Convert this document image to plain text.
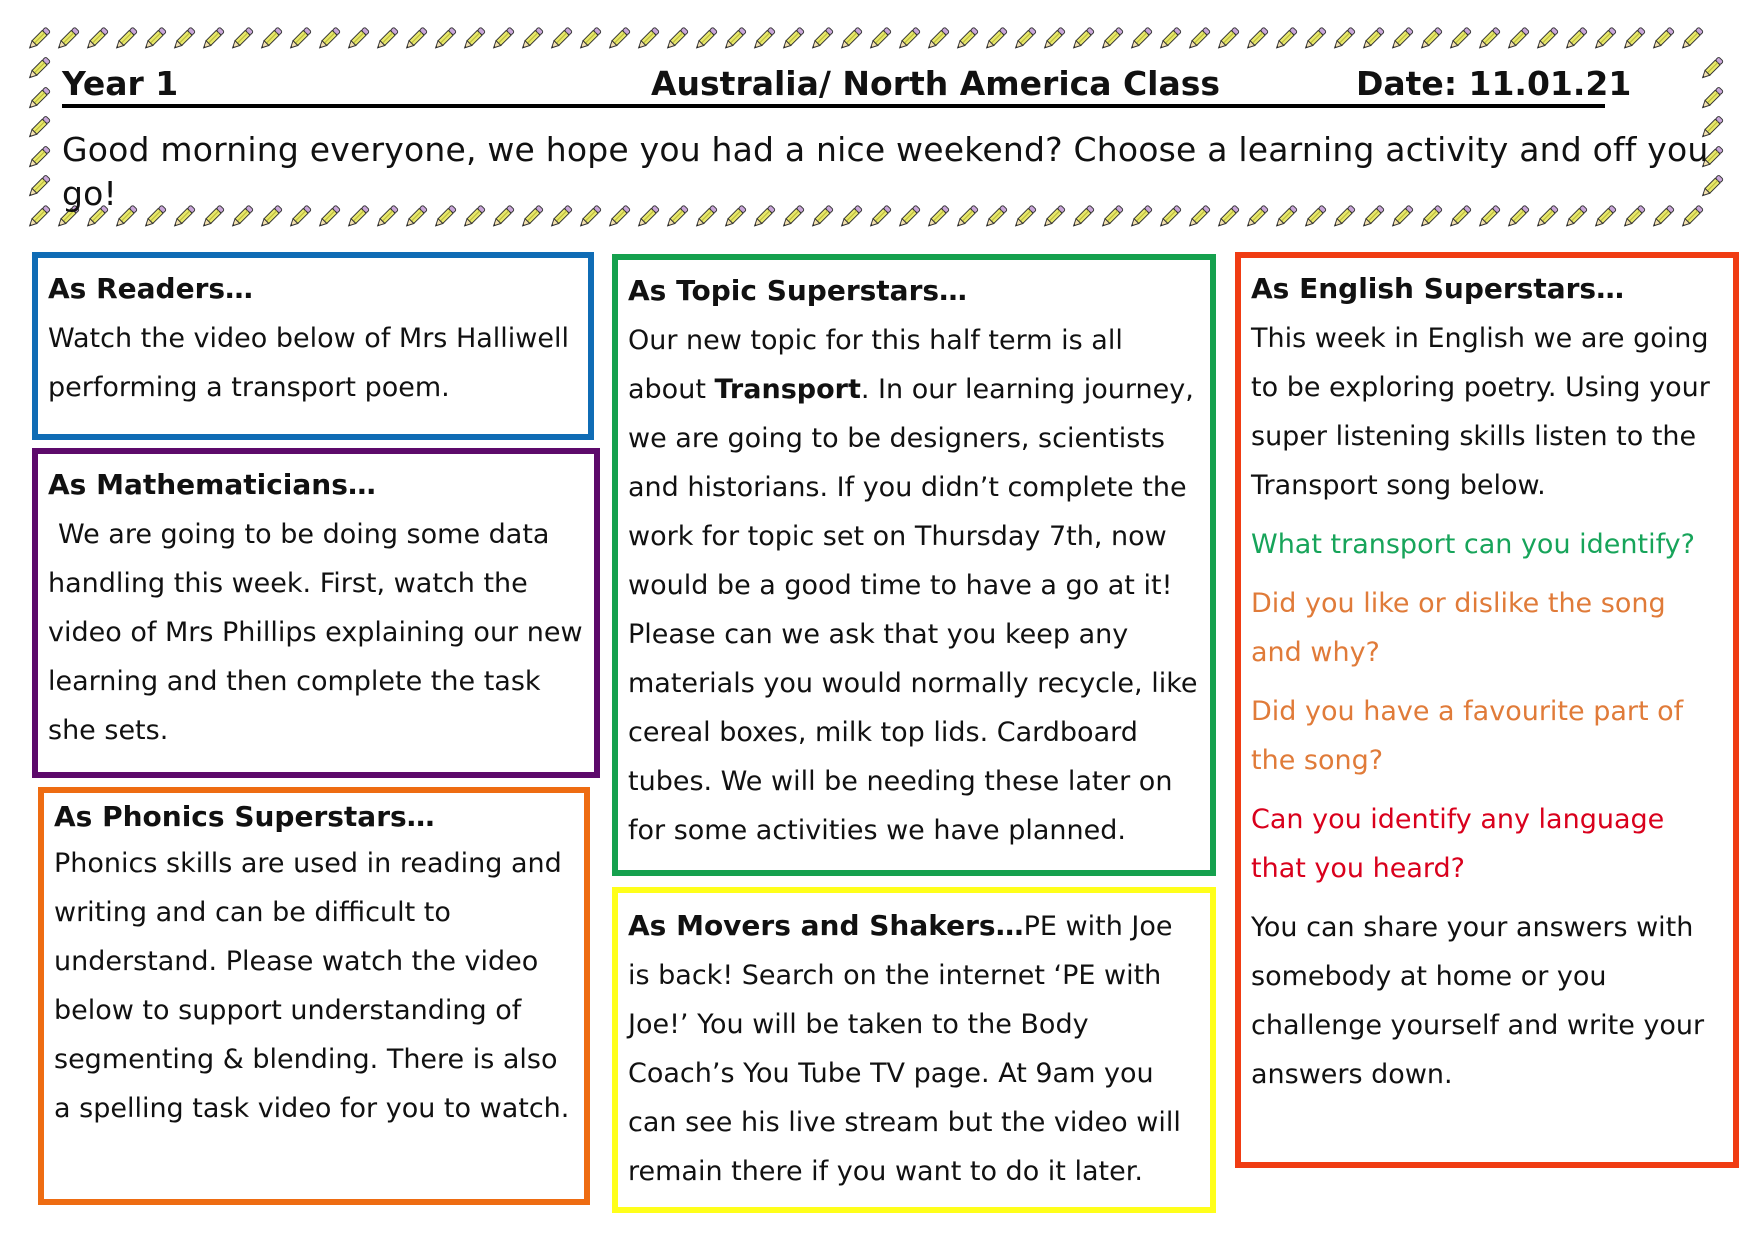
Year 1	Australia/ North America Class	Date: 11.01.21
Good morning everyone, we hope you had a nice weekend? Choose a learning activity and off you go!
As Readers…

Watch the video below of Mrs Halliwell performing a transport poem.

As Mathematicians…

We are going to be doing some data handling this week. First, watch the video of Mrs Phillips explaining our new learning and then complete the task she sets.

As Phonics Superstars…

Phonics skills are used in reading and writing and can be difficult to understand. Please watch the video below to support understanding of segmenting & blending. There is also a spelling task video for you to watch.

As Topic Superstars…

Our new topic for this half term is all about Transport. In our learning journey, we are going to be designers, scientists and historians. If you didn’t complete the work for topic set on Thursday 7th, now would be a good time to have a go at it! Please can we ask that you keep any materials you would normally recycle, like cereal boxes, milk top lids. Cardboard tubes. We will be needing these later on for some activities we have planned.

As Movers and Shakers…PE with Joe is back! Search on the internet ‘PE with Joe!’ You will be taken to the Body Coach’s You Tube TV page. At 9am you can see his live stream but the video will remain there if you want to do it later.

As English Superstars…

This week in English we are going to be exploring poetry. Using your super listening skills listen to the Transport song below.

What transport can you identify?

Did you like or dislike the song and why?

Did you have a favourite part of the song?

Can you identify any language that you heard?

You can share your answers with somebody at home or you challenge yourself and write your answers down.
